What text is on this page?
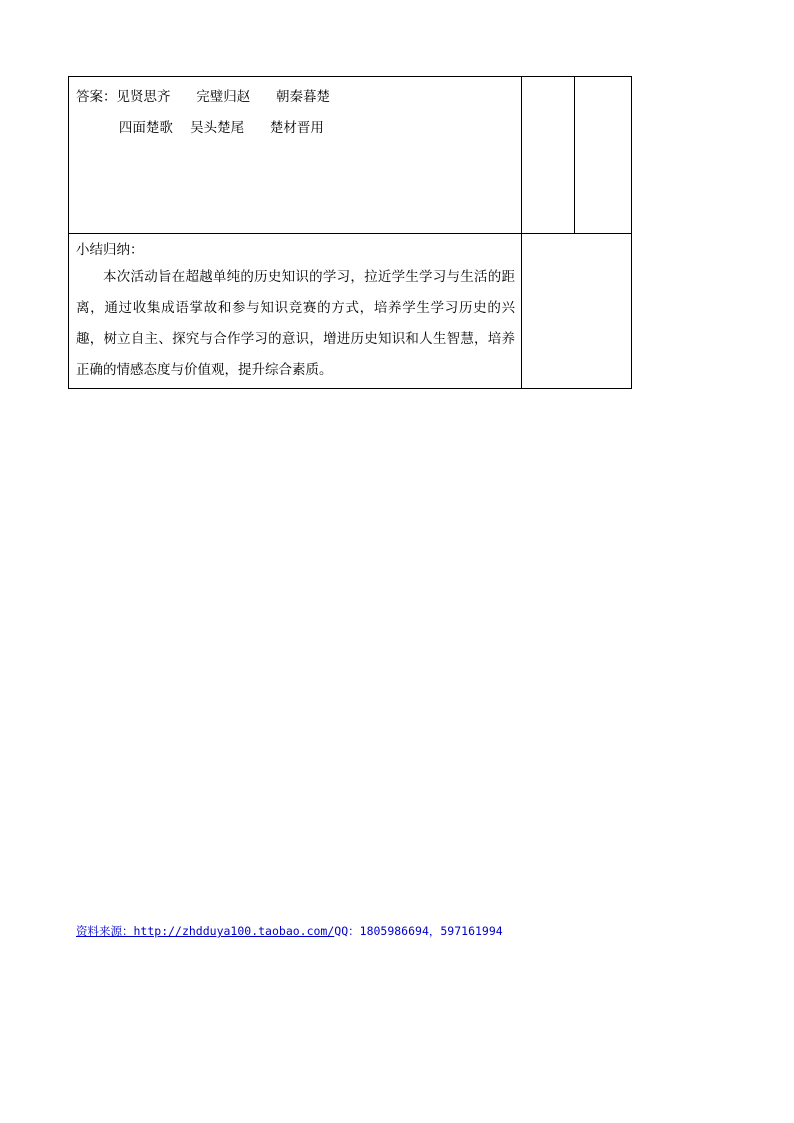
答案：见贤思齐      完璧归赵      朝秦暮楚
四面楚歌    吴头楚尾      楚材晋用		

小结归纳：

本次活动旨在超越单纯的历史知识的学习，拉近学生学习与生活的距离，通过收集成语掌故和参与知识竞赛的方式，培养学生学习历史的兴趣，树立自主、探究与合作学习的意识，增进历史知识和人生智慧，培养正确的情感态度与价值观，提升综合素质。		

资料来源：http://zhdduya100.taobao.com/QQ：1805986694，597161994
